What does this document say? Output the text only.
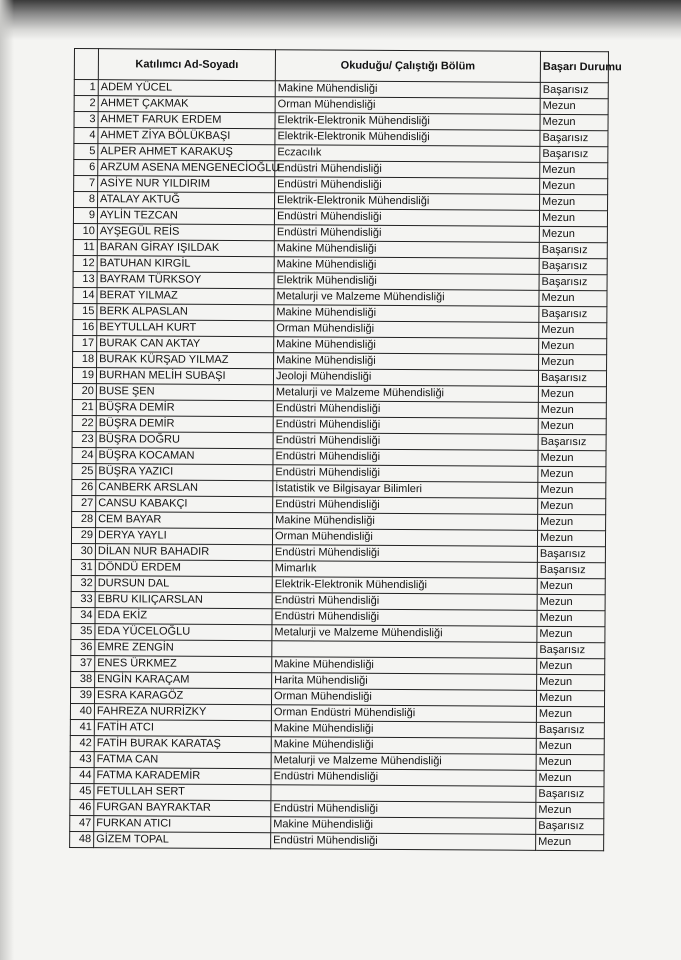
	Katılımcı Ad-Soyadı	Okuduğu/ Çalıştığı Bölüm	Başarı Durumu
1	ADEM YÜCEL	Makine Mühendisliği	Başarısız
2	AHMET ÇAKMAK	Orman Mühendisliği	Mezun
3	AHMET FARUK ERDEM	Elektrik-Elektronik Mühendisliği	Mezun
4	AHMET ZİYA BÖLÜKBAŞI	Elektrik-Elektronik Mühendisliği	Başarısız
5	ALPER AHMET KARAKUŞ	Eczacılık	Başarısız
6	ARZUM ASENA MENGENECİOĞLU	Endüstri Mühendisliği	Mezun
7	ASİYE NUR YILDIRIM	Endüstri Mühendisliği	Mezun
8	ATALAY AKTUĞ	Elektrik-Elektronik Mühendisliği	Mezun
9	AYLİN TEZCAN	Endüstri Mühendisliği	Mezun
10	AYŞEGÜL REİS	Endüstri Mühendisliği	Mezun
11	BARAN GİRAY IŞILDAK	Makine Mühendisliği	Başarısız
12	BATUHAN KIRGİL	Makine Mühendisliği	Başarısız
13	BAYRAM TÜRKSOY	Elektrik Mühendisliği	Başarısız
14	BERAT YILMAZ	Metalurji ve Malzeme Mühendisliği	Mezun
15	BERK ALPASLAN	Makine Mühendisliği	Başarısız
16	BEYTULLAH KURT	Orman Mühendisliği	Mezun
17	BURAK CAN AKTAY	Makine Mühendisliği	Mezun
18	BURAK KÜRŞAD YILMAZ	Makine Mühendisliği	Mezun
19	BURHAN MELİH SUBAŞI	Jeoloji Mühendisliği	Başarısız
20	BUSE ŞEN	Metalurji ve Malzeme Mühendisliği	Mezun
21	BÜŞRA DEMİR	Endüstri Mühendisliği	Mezun
22	BÜŞRA DEMİR	Endüstri Mühendisliği	Mezun
23	BÜŞRA DOĞRU	Endüstri Mühendisliği	Başarısız
24	BÜŞRA KOCAMAN	Endüstri Mühendisliği	Mezun
25	BÜŞRA YAZICI	Endüstri Mühendisliği	Mezun
26	CANBERK ARSLAN	İstatistik ve Bilgisayar Bilimleri	Mezun
27	CANSU KABAKÇI	Endüstri Mühendisliği	Mezun
28	CEM BAYAR	Makine Mühendisliği	Mezun
29	DERYA YAYLI	Orman Mühendisliği	Mezun
30	DİLAN NUR BAHADIR	Endüstri Mühendisliği	Başarısız
31	DÖNDÜ ERDEM	Mimarlık	Başarısız
32	DURSUN DAL	Elektrik-Elektronik Mühendisliği	Mezun
33	EBRU KILIÇARSLAN	Endüstri Mühendisliği	Mezun
34	EDA EKİZ	Endüstri Mühendisliği	Mezun
35	EDA YÜCELOĞLU	Metalurji ve Malzeme Mühendisliği	Mezun
36	EMRE ZENGİN		Başarısız
37	ENES ÜRKMEZ	Makine Mühendisliği	Mezun
38	ENGİN KARAÇAM	Harita Mühendisliği	Mezun
39	ESRA KARAGÖZ	Orman Mühendisliği	Mezun
40	FAHREZA NURRİZKY	Orman Endüstri Mühendisliği	Mezun
41	FATİH ATCI	Makine Mühendisliği	Başarısız
42	FATİH BURAK KARATAŞ	Makine Mühendisliği	Mezun
43	FATMA CAN	Metalurji ve Malzeme Mühendisliği	Mezun
44	FATMA KARADEMİR	Endüstri Mühendisliği	Mezun
45	FETULLAH SERT		Başarısız
46	FURGAN BAYRAKTAR	Endüstri Mühendisliği	Mezun
47	FURKAN ATICI	Makine Mühendisliği	Başarısız
48	GİZEM TOPAL	Endüstri Mühendisliği	Mezun
